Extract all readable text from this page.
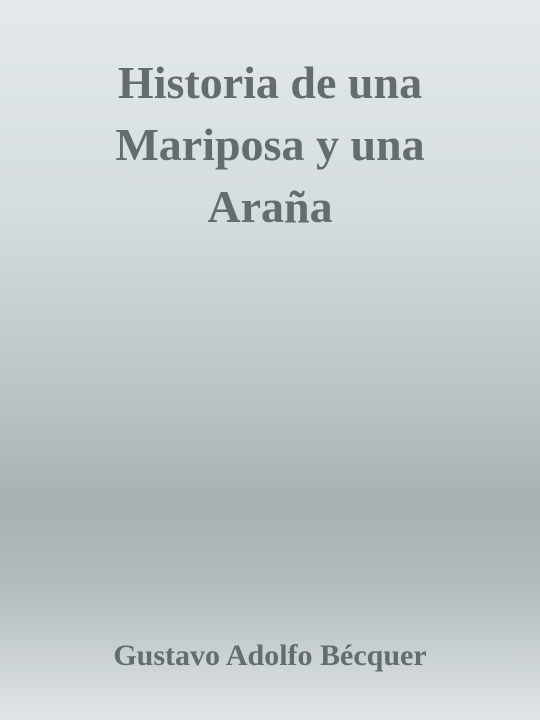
Historia de una
Mariposa y una
Araña

Gustavo Adolfo Bécquer
